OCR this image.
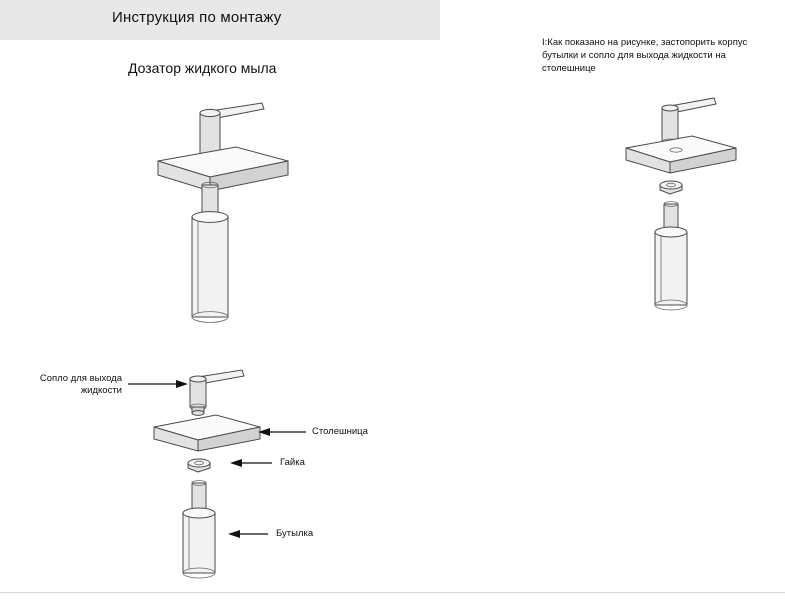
Инструкция по монтажу
Дозатор жидкого мыла
I:Как показано на рисунке, застопорить корпус бутылки и сопло для выхода жидкости на столешнице
Сопло для выхода жидкости
Столешница
Гайка
Бутылка
